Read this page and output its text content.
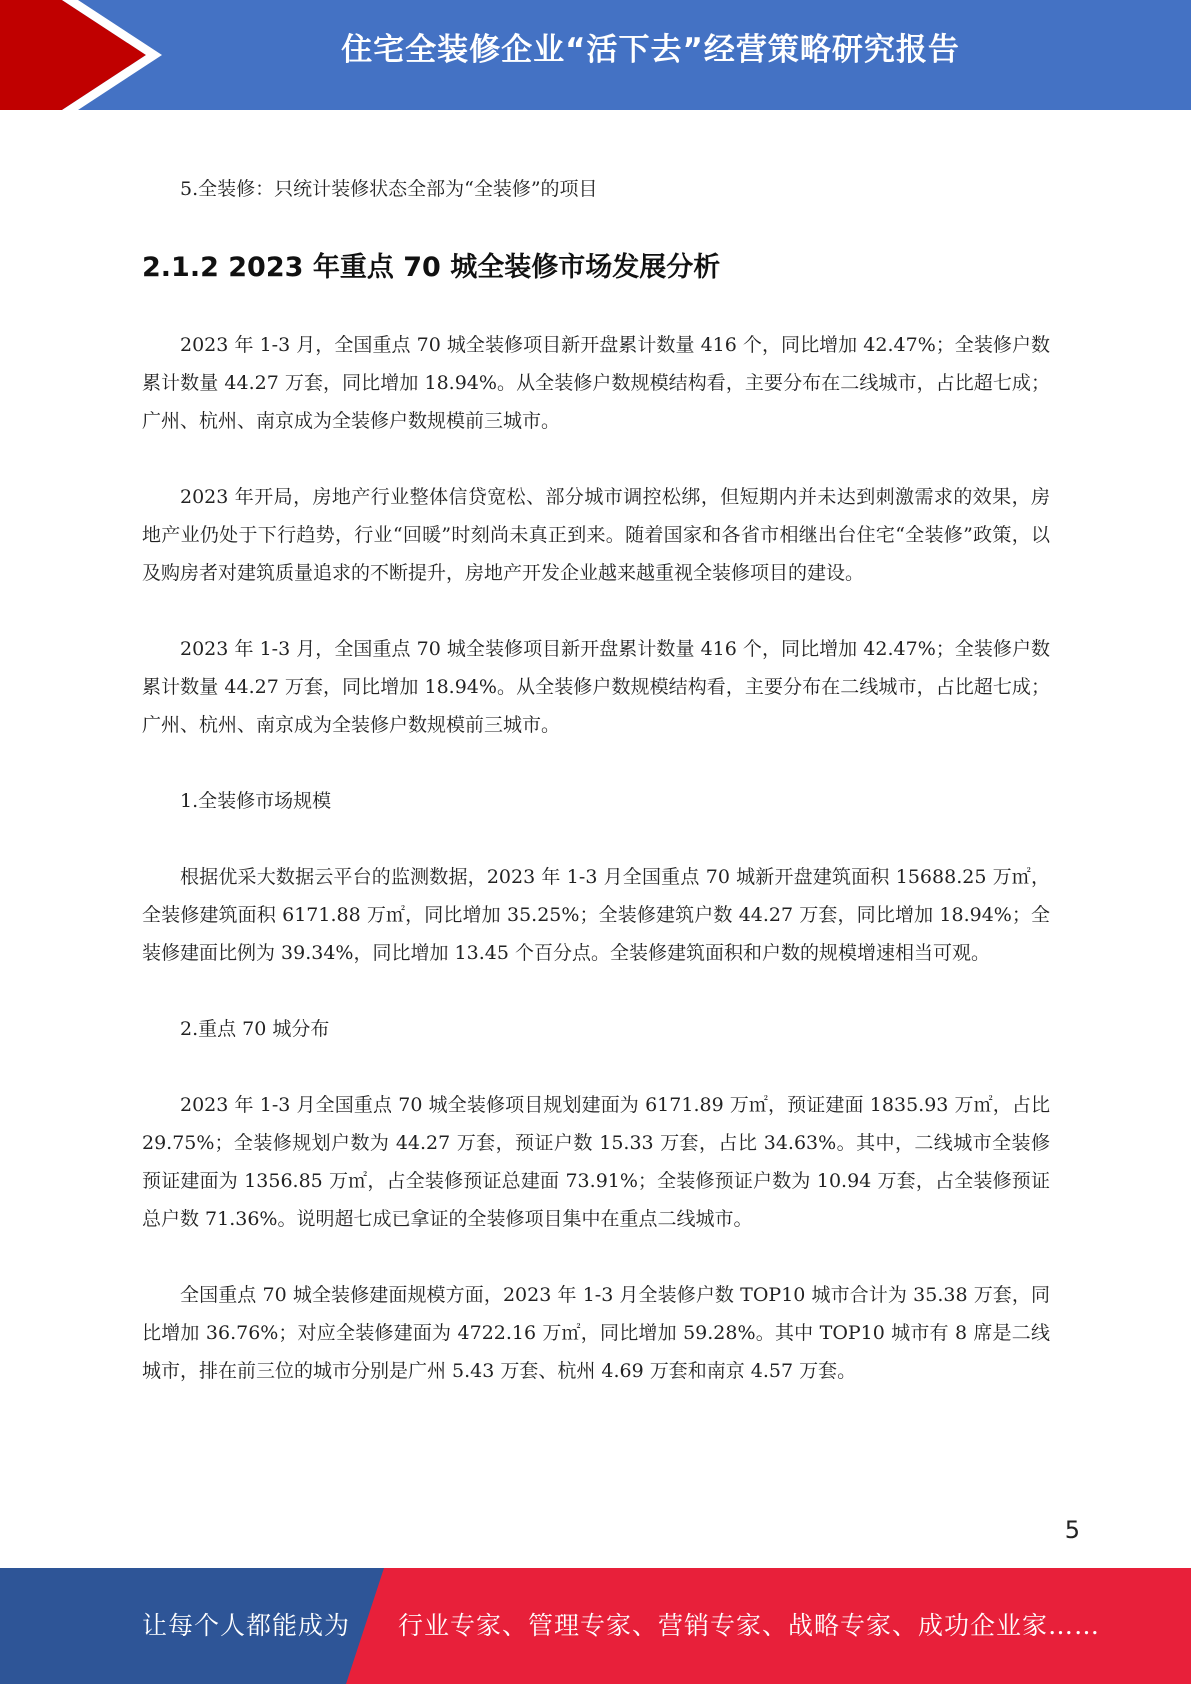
住宅全装修企业“活下去”经营策略研究报告

5.全装修：只统计装修状态全部为“全装修”的项目

2.1.2 2023 年重点 70 城全装修市场发展分析

2023 年 1-3 月，全国重点 70 城全装修项目新开盘累计数量 416 个，同比增加 42.47%；全装修户数累计数量 44.27 万套，同比增加 18.94%。从全装修户数规模结构看，主要分布在二线城市，占比超七成；广州、杭州、南京成为全装修户数规模前三城市。

2023 年开局，房地产行业整体信贷宽松、部分城市调控松绑，但短期内并未达到刺激需求的效果，房地产业仍处于下行趋势，行业“回暖”时刻尚未真正到来。随着国家和各省市相继出台住宅“全装修”政策，以及购房者对建筑质量追求的不断提升，房地产开发企业越来越重视全装修项目的建设。

2023 年 1-3 月，全国重点 70 城全装修项目新开盘累计数量 416 个，同比增加 42.47%；全装修户数累计数量 44.27 万套，同比增加 18.94%。从全装修户数规模结构看，主要分布在二线城市，占比超七成；广州、杭州、南京成为全装修户数规模前三城市。

1.全装修市场规模

根据优采大数据云平台的监测数据，2023 年 1-3 月全国重点 70 城新开盘建筑面积 15688.25 万㎡，全装修建筑面积 6171.88 万㎡，同比增加 35.25%；全装修建筑户数 44.27 万套，同比增加 18.94%；全装修建面比例为 39.34%，同比增加 13.45 个百分点。全装修建筑面积和户数的规模增速相当可观。

2.重点 70 城分布

2023 年 1-3 月全国重点 70 城全装修项目规划建面为 6171.89 万㎡，预证建面 1835.93 万㎡，占比 29.75%；全装修规划户数为 44.27 万套，预证户数 15.33 万套，占比 34.63%。其中，二线城市全装修预证建面为 1356.85 万㎡，占全装修预证总建面 73.91%；全装修预证户数为 10.94 万套，占全装修预证总户数 71.36%。说明超七成已拿证的全装修项目集中在重点二线城市。

全国重点 70 城全装修建面规模方面，2023 年 1-3 月全装修户数 TOP10 城市合计为 35.38 万套，同比增加 36.76%；对应全装修建面为 4722.16 万㎡，同比增加 59.28%。其中 TOP10 城市有 8 席是二线城市，排在前三位的城市分别是广州 5.43 万套、杭州 4.69 万套和南京 4.57 万套。

5
让每个人都能成为 行业专家、管理专家、营销专家、战略专家、成功企业家……
